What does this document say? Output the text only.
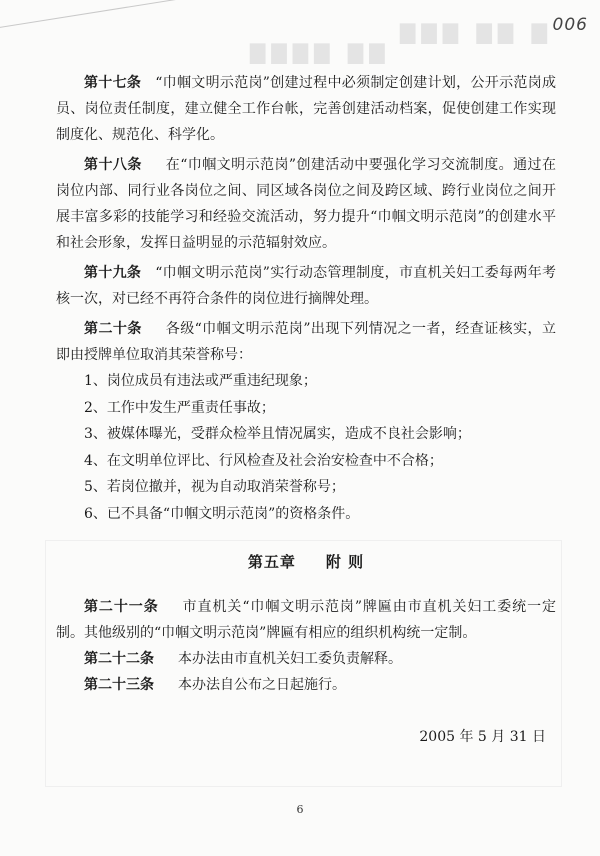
▇▇▇ ▇▇ ▇
▇▇▇▇ ▇▇
006

第十七条 “巾帼文明示范岗”创建过程中必须制定创建计划，公开示范岗成员、岗位责任制度，建立健全工作台帐，完善创建活动档案，促使创建工作实现制度化、规范化、科学化。

第十八条 在“巾帼文明示范岗”创建活动中要强化学习交流制度。通过在岗位内部、同行业各岗位之间、同区域各岗位之间及跨区域、跨行业岗位之间开展丰富多彩的技能学习和经验交流活动，努力提升“巾帼文明示范岗”的创建水平和社会形象，发挥日益明显的示范辐射效应。

第十九条 “巾帼文明示范岗”实行动态管理制度，市直机关妇工委每两年考核一次，对已经不再符合条件的岗位进行摘牌处理。

第二十条 各级“巾帼文明示范岗”出现下列情况之一者，经查证核实，立即由授牌单位取消其荣誉称号：

1、岗位成员有违法或严重违纪现象；

2、工作中发生严重责任事故；

3、被媒体曝光，受群众检举且情况属实，造成不良社会影响；

4、在文明单位评比、行风检查及社会治安检查中不合格；

5、若岗位撤并，视为自动取消荣誉称号；

6、已不具备“巾帼文明示范岗”的资格条件。

第五章 附 则

第二十一条 市直机关“巾帼文明示范岗”牌匾由市直机关妇工委统一定制。其他级别的“巾帼文明示范岗”牌匾有相应的组织机构统一定制。

第二十二条 本办法由市直机关妇工委负责解释。

第二十三条 本办法自公布之日起施行。

2005 年 5 月 31 日

6
